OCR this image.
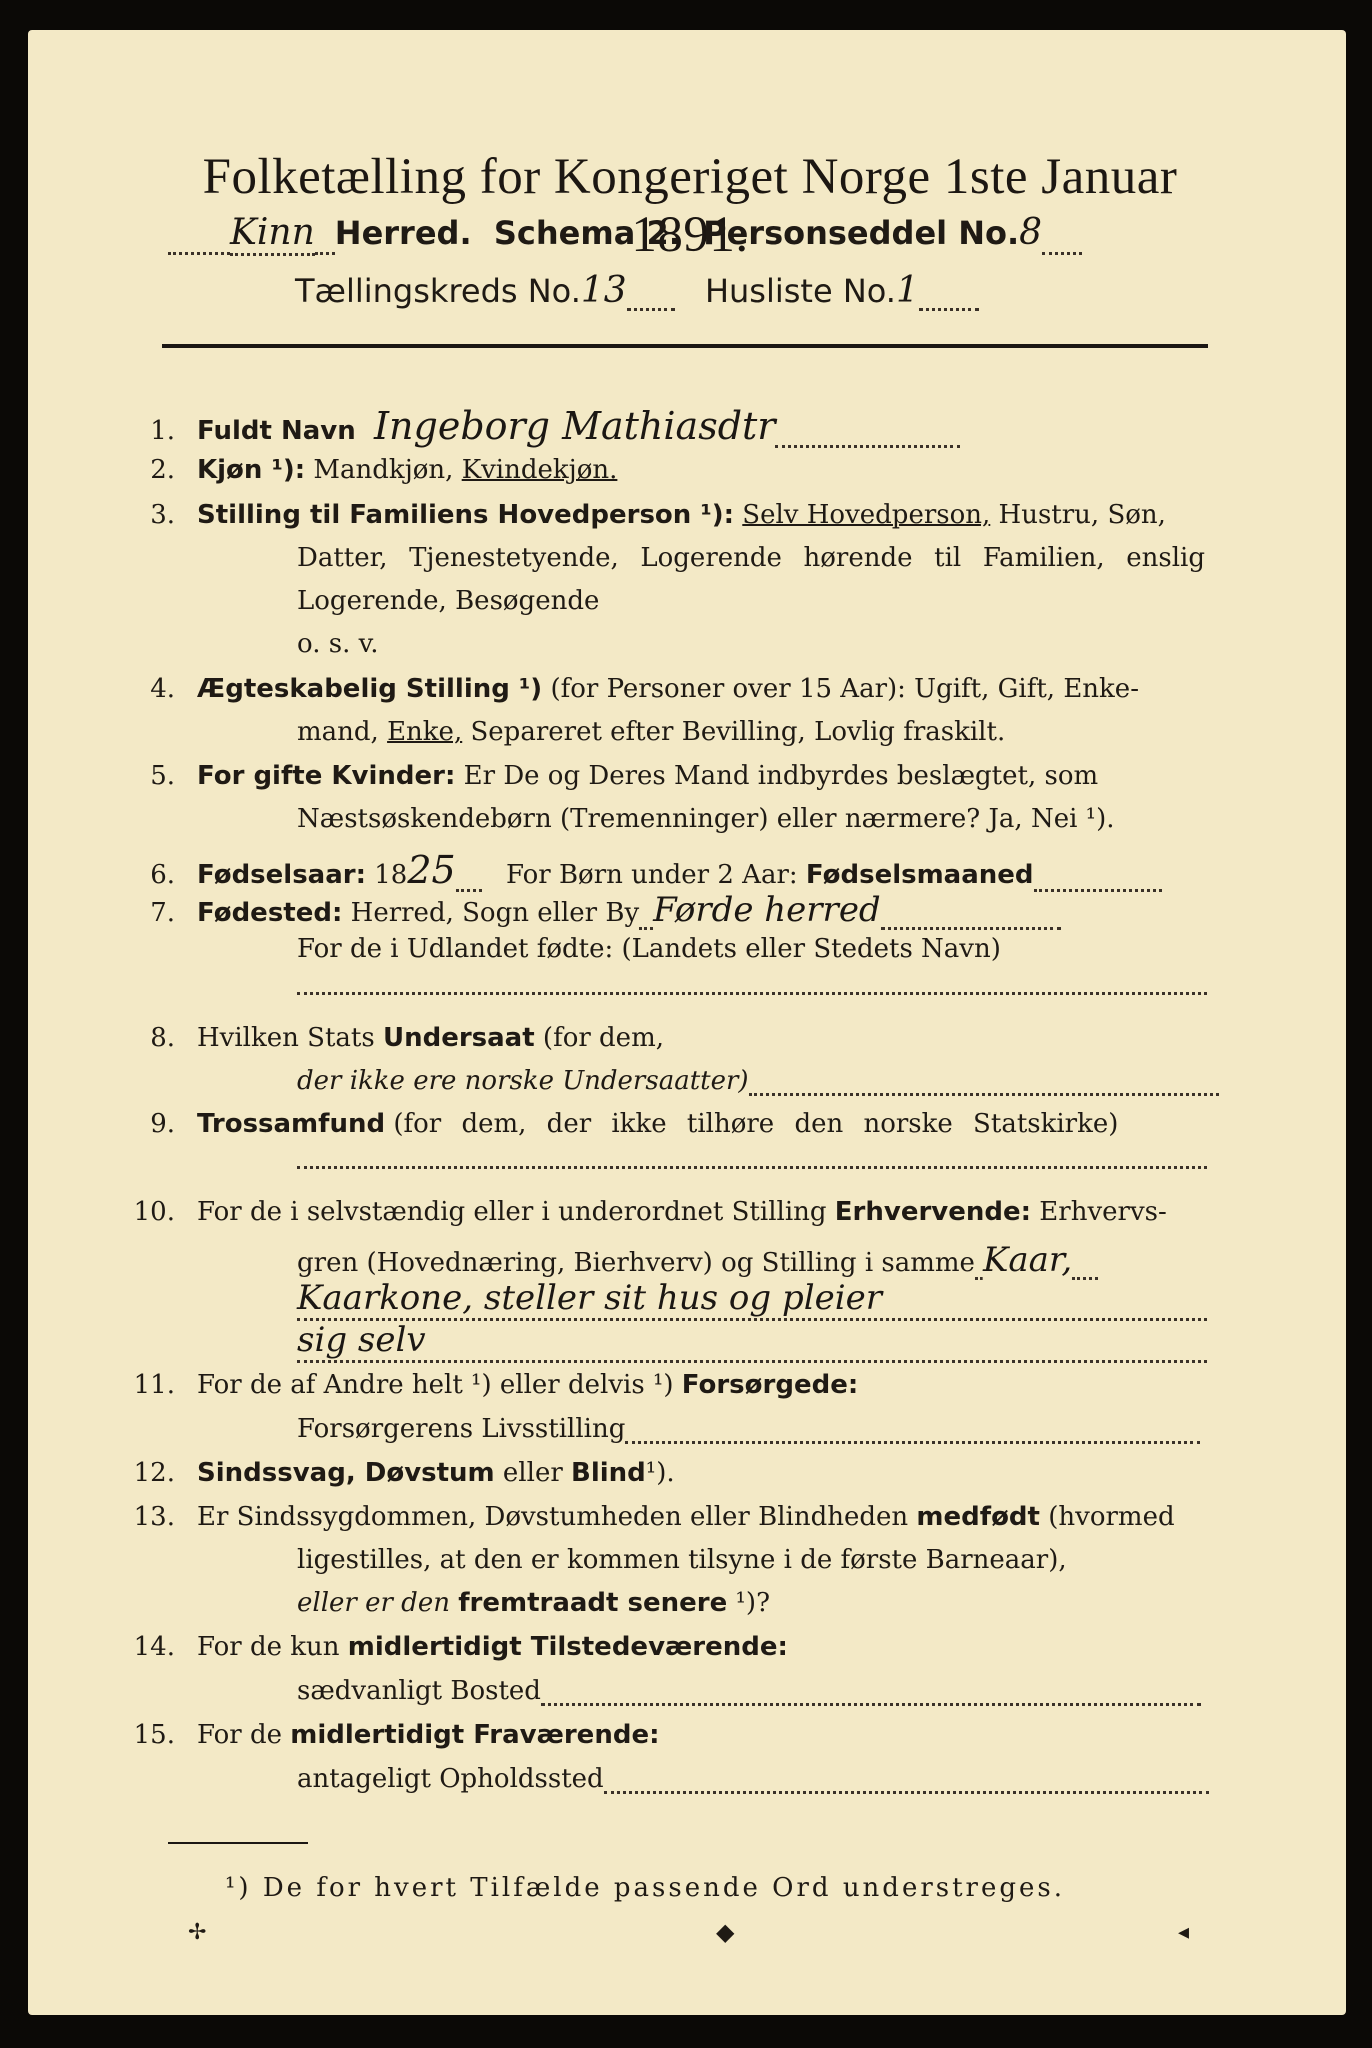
Folketælling for Kongeriget Norge 1ste Januar 1891.
Kinn Herred. Schema 2. Personseddel No.8
Tællingskreds No.13 Husliste No.1
1. Fuldt Navn Ingeborg Mathiasdtr
2. Kjøn ¹): Mandkjøn, Kvindekjøn.
3. Stilling til Familiens Hovedperson ¹): Selv Hovedperson, Hustru, Søn,
Datter, Tjenestetyende, Logerende hørende til Familien, enslig
Logerende, Besøgende
o. s. v.
4. Ægteskabelig Stilling ¹) (for Personer over 15 Aar): Ugift, Gift, Enke-
mand, Enke, Separeret efter Bevilling, Lovlig fraskilt.
5. For gifte Kvinder: Er De og Deres Mand indbyrdes beslægtet, som
Næstsøskendebørn (Tremenninger) eller nærmere? Ja, Nei ¹).
6. Fødselsaar: 1825 For Børn under 2 Aar: Fødselsmaaned
7. Fødested: Herred, Sogn eller By Førde herred
For de i Udlandet fødte: (Landets eller Stedets Navn)
8. Hvilken Stats Undersaat (for dem,
der ikke ere norske Undersaatter)
9. Trossamfund (for dem, der ikke tilhøre den norske Statskirke)
10. For de i selvstændig eller i underordnet Stilling Erhvervende: Erhvervs-
gren (Hovednæring, Bierhverv) og Stilling i samme Kaar,
Kaarkone, steller sit hus og pleier
sig selv
11. For de af Andre helt ¹) eller delvis ¹) Forsørgede:
Forsørgerens Livsstilling
12. Sindssvag, Døvstum eller Blind¹).
13. Er Sindssygdommen, Døvstumheden eller Blindheden medfødt (hvormed
ligestilles, at den er kommen tilsyne i de første Barneaar),
eller er den fremtraadt senere ¹)?
14. For de kun midlertidigt Tilstedeværende:
sædvanligt Bosted
15. For de midlertidigt Fraværende:
antageligt Opholdssted
¹) De for hvert Tilfælde passende Ord understreges.
✢	◆	◂
